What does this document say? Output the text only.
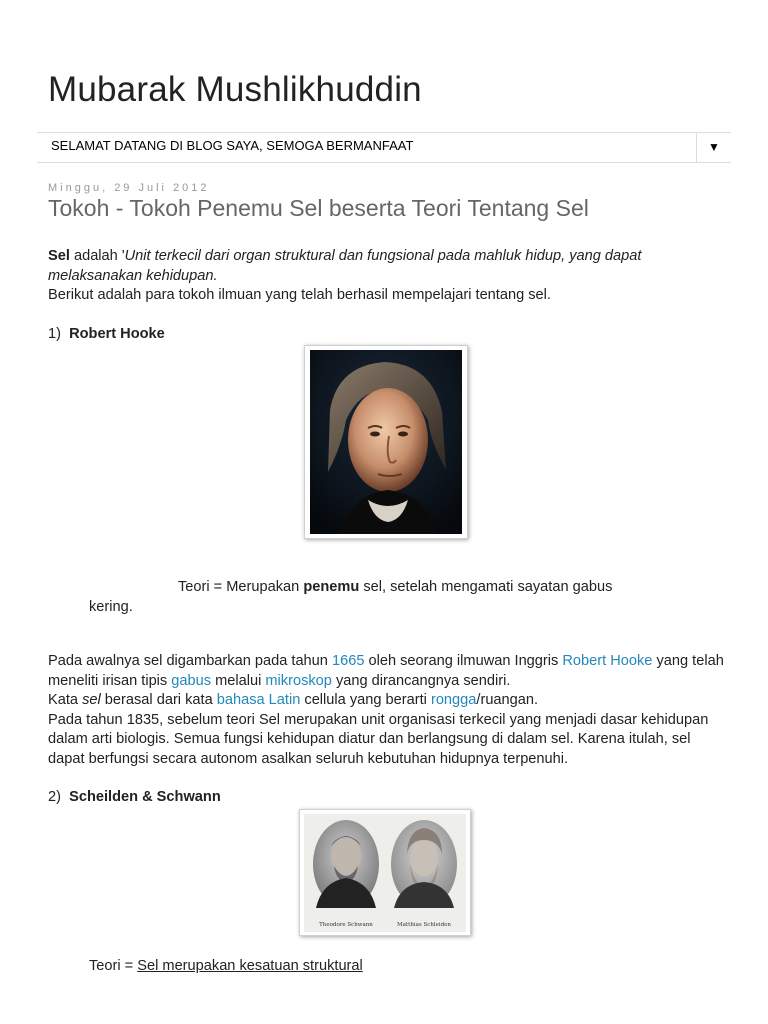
Mubarak Mushlikhuddin
SELAMAT DATANG DI BLOG SAYA, SEMOGA BERMANFAAT	▼
Minggu, 29 Juli 2012
Tokoh - Tokoh Penemu Sel beserta Teori Tentang Sel

Sel adalah 'Unit terkecil dari organ struktural dan fungsional pada mahluk hidup, yang dapat melaksanakan kehidupan.
Berikut adalah para tokoh ilmuan yang telah berhasil mempelajari tentang sel.

1) Robert Hooke

Teori = Merupakan penemu sel, setelah mengamati sayatan gabus

kering.

Pada awalnya sel digambarkan pada tahun 1665 oleh seorang ilmuwan Inggris Robert Hooke yang telah meneliti irisan tipis gabus melalui mikroskop yang dirancangnya sendiri.
Kata sel berasal dari kata bahasa Latin cellula yang berarti rongga/ruangan.
Pada tahun 1835, sebelum teori Sel merupakan unit organisasi terkecil yang menjadi dasar kehidupan dalam arti biologis. Semua fungsi kehidupan diatur dan berlangsung di dalam sel. Karena itulah, sel dapat berfungsi secara autonom asalkan seluruh kebutuhan hidupnya terpenuhi.

2) Scheilden & Schwann

Theodore Schwann	Matthias Schleiden

Teori = Sel merupakan kesatuan struktural
